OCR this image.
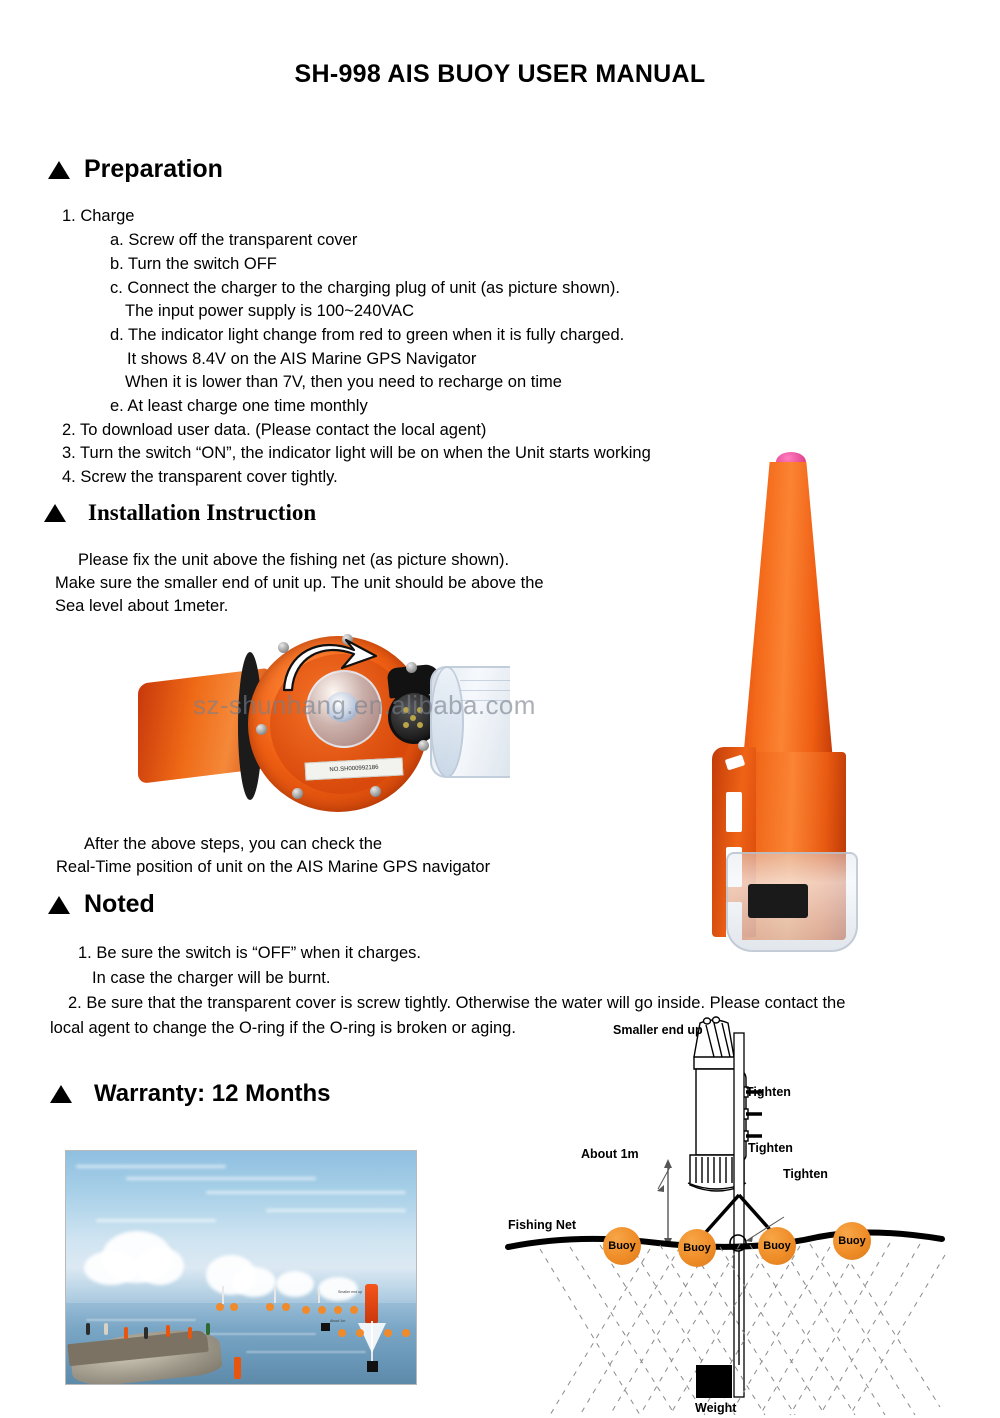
SH-998 AIS BUOY USER MANUAL
Preparation
1. Charge
a. Screw off the transparent cover
b. Turn the switch OFF
c. Connect the charger to the charging plug of unit (as picture shown).
The input power supply is 100~240VAC
d. The indicator light change from red to green when it is fully charged.
It shows 8.4V on the AIS Marine GPS Navigator
When it is lower than 7V, then you need to recharge on time
e. At least charge one time monthly
2. To download user data. (Please contact the local agent)
3. Turn the switch “ON”, the indicator light will be on when the Unit starts working
4. Screw the transparent cover tightly.
Installation Instruction
Please fix the unit above the fishing net (as picture shown).
Make sure the smaller end of unit up. The unit should be above the
Sea level about 1meter.
NO.SH000992186
sz-shunhang.en.alibaba.com
After the above steps, you can check the
Real-Time position of unit on the AIS Marine GPS navigator
Noted
1. Be sure the switch is “OFF” when it charges.
In case the charger will be burnt.
2. Be sure that the transparent cover is screw tightly. Otherwise the water will go inside. Please contact the
local agent to change the O-ring if the O-ring is broken or aging.
Warranty: 12 Months
Smaller end up
About 1m
Buoy	Buoy	Buoy	Buoy
Smaller end up
Tighten
Tighten
Tighten
About 1m
Fishing Net
Weight
